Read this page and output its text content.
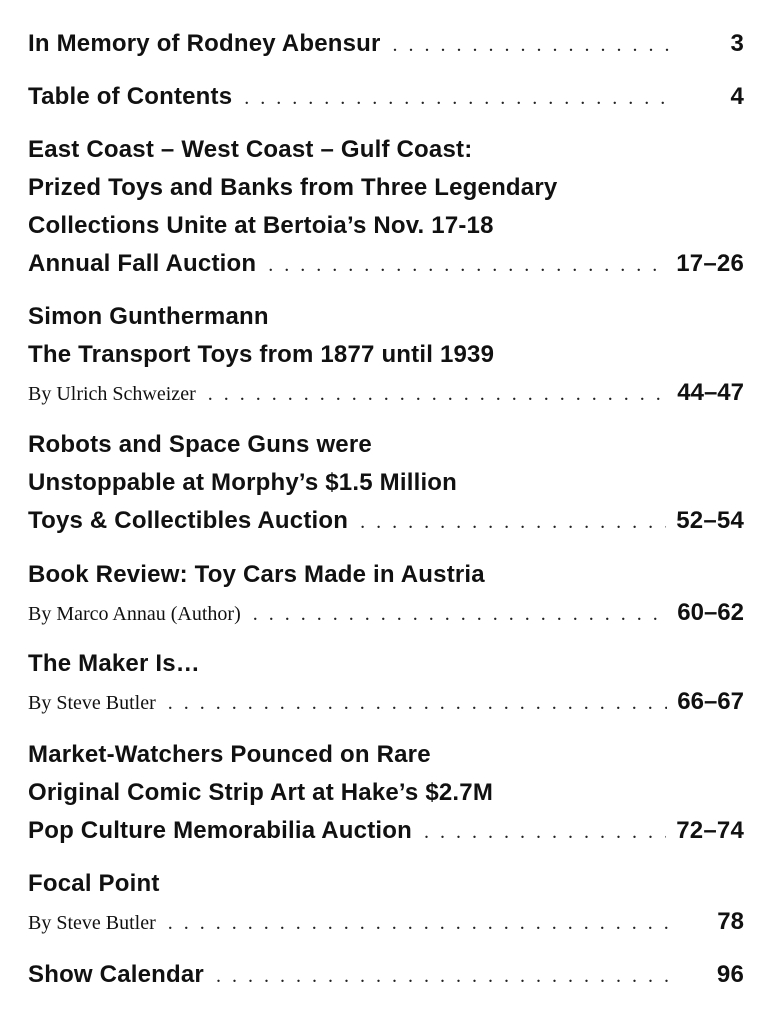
In Memory of Rodney Abensur . . .	3
Table of Contents . . .	4
East Coast – West Coast – Gulf Coast:
Prized Toys and Banks from Three Legendary
Collections Unite at Bertoia’s Nov. 17-18
Annual Fall Auction . . .	17–26
Simon Gunthermann
The Transport Toys from 1877 until 1939
By Ulrich Schweizer . . .	44–47
Robots and Space Guns were
Unstoppable at Morphy’s $1.5 Million
Toys & Collectibles Auction . . .	52–54
Book Review: Toy Cars Made in Austria
By Marco Annau (Author) . . .	60–62
The Maker Is…
By Steve Butler . . .	66–67
Market-Watchers Pounced on Rare
Original Comic Strip Art at Hake’s $2.7M
Pop Culture Memorabilia Auction . . .	72–74
Focal Point
By Steve Butler . . .	78
Show Calendar . . .	96
